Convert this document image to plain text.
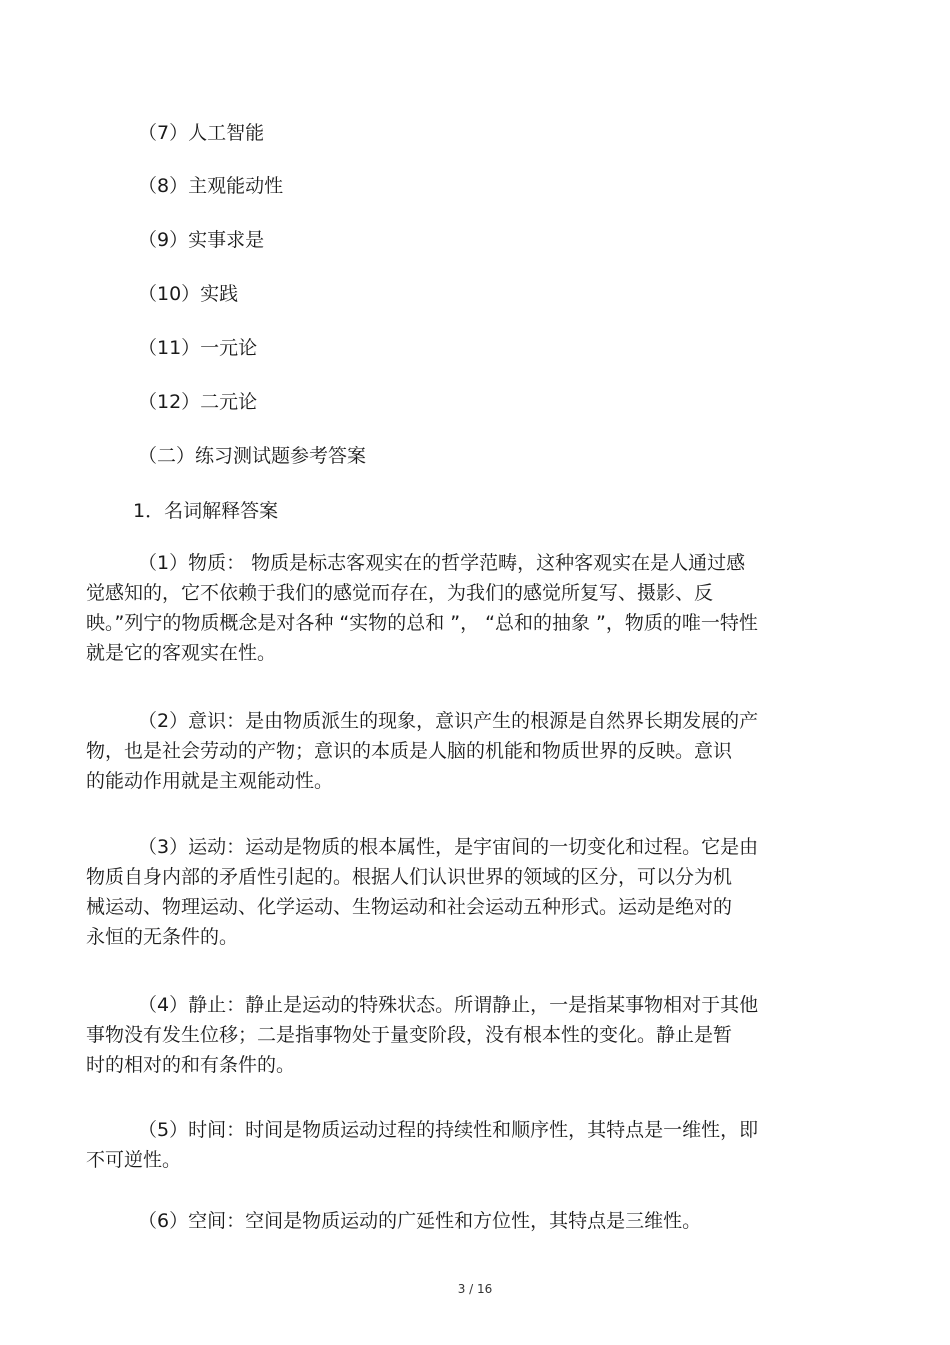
（7）人工智能
（8）主观能动性
（9）实事求是
（10）实践
（11）一元论
（12）二元论
（二）练习测试题参考答案
1．名词解释答案
（1）物质： 物质是标志客观实在的哲学范畴，这种客观实在是人通过感
觉感知的，它不依赖于我们的感觉而存在，为我们的感觉所复写、摄影、反
映。”列宁的物质概念是对各种 “实物的总和 ”， “总和的抽象 ”，物质的唯一特性
就是它的客观实在性。
（2）意识：是由物质派生的现象，意识产生的根源是自然界长期发展的产
物，也是社会劳动的产物；意识的本质是人脑的机能和物质世界的反映。意识
的能动作用就是主观能动性。
（3）运动：运动是物质的根本属性，是宇宙间的一切变化和过程。它是由
物质自身内部的矛盾性引起的。根据人们认识世界的领域的区分，可以分为机
械运动、物理运动、化学运动、生物运动和社会运动五种形式。运动是绝对的
永恒的无条件的。
（4）静止：静止是运动的特殊状态。所谓静止，一是指某事物相对于其他
事物没有发生位移；二是指事物处于量变阶段，没有根本性的变化。静止是暂
时的相对的和有条件的。
（5）时间：时间是物质运动过程的持续性和顺序性，其特点是一维性，即
不可逆性。
（6）空间：空间是物质运动的广延性和方位性，其特点是三维性。
3 / 16
